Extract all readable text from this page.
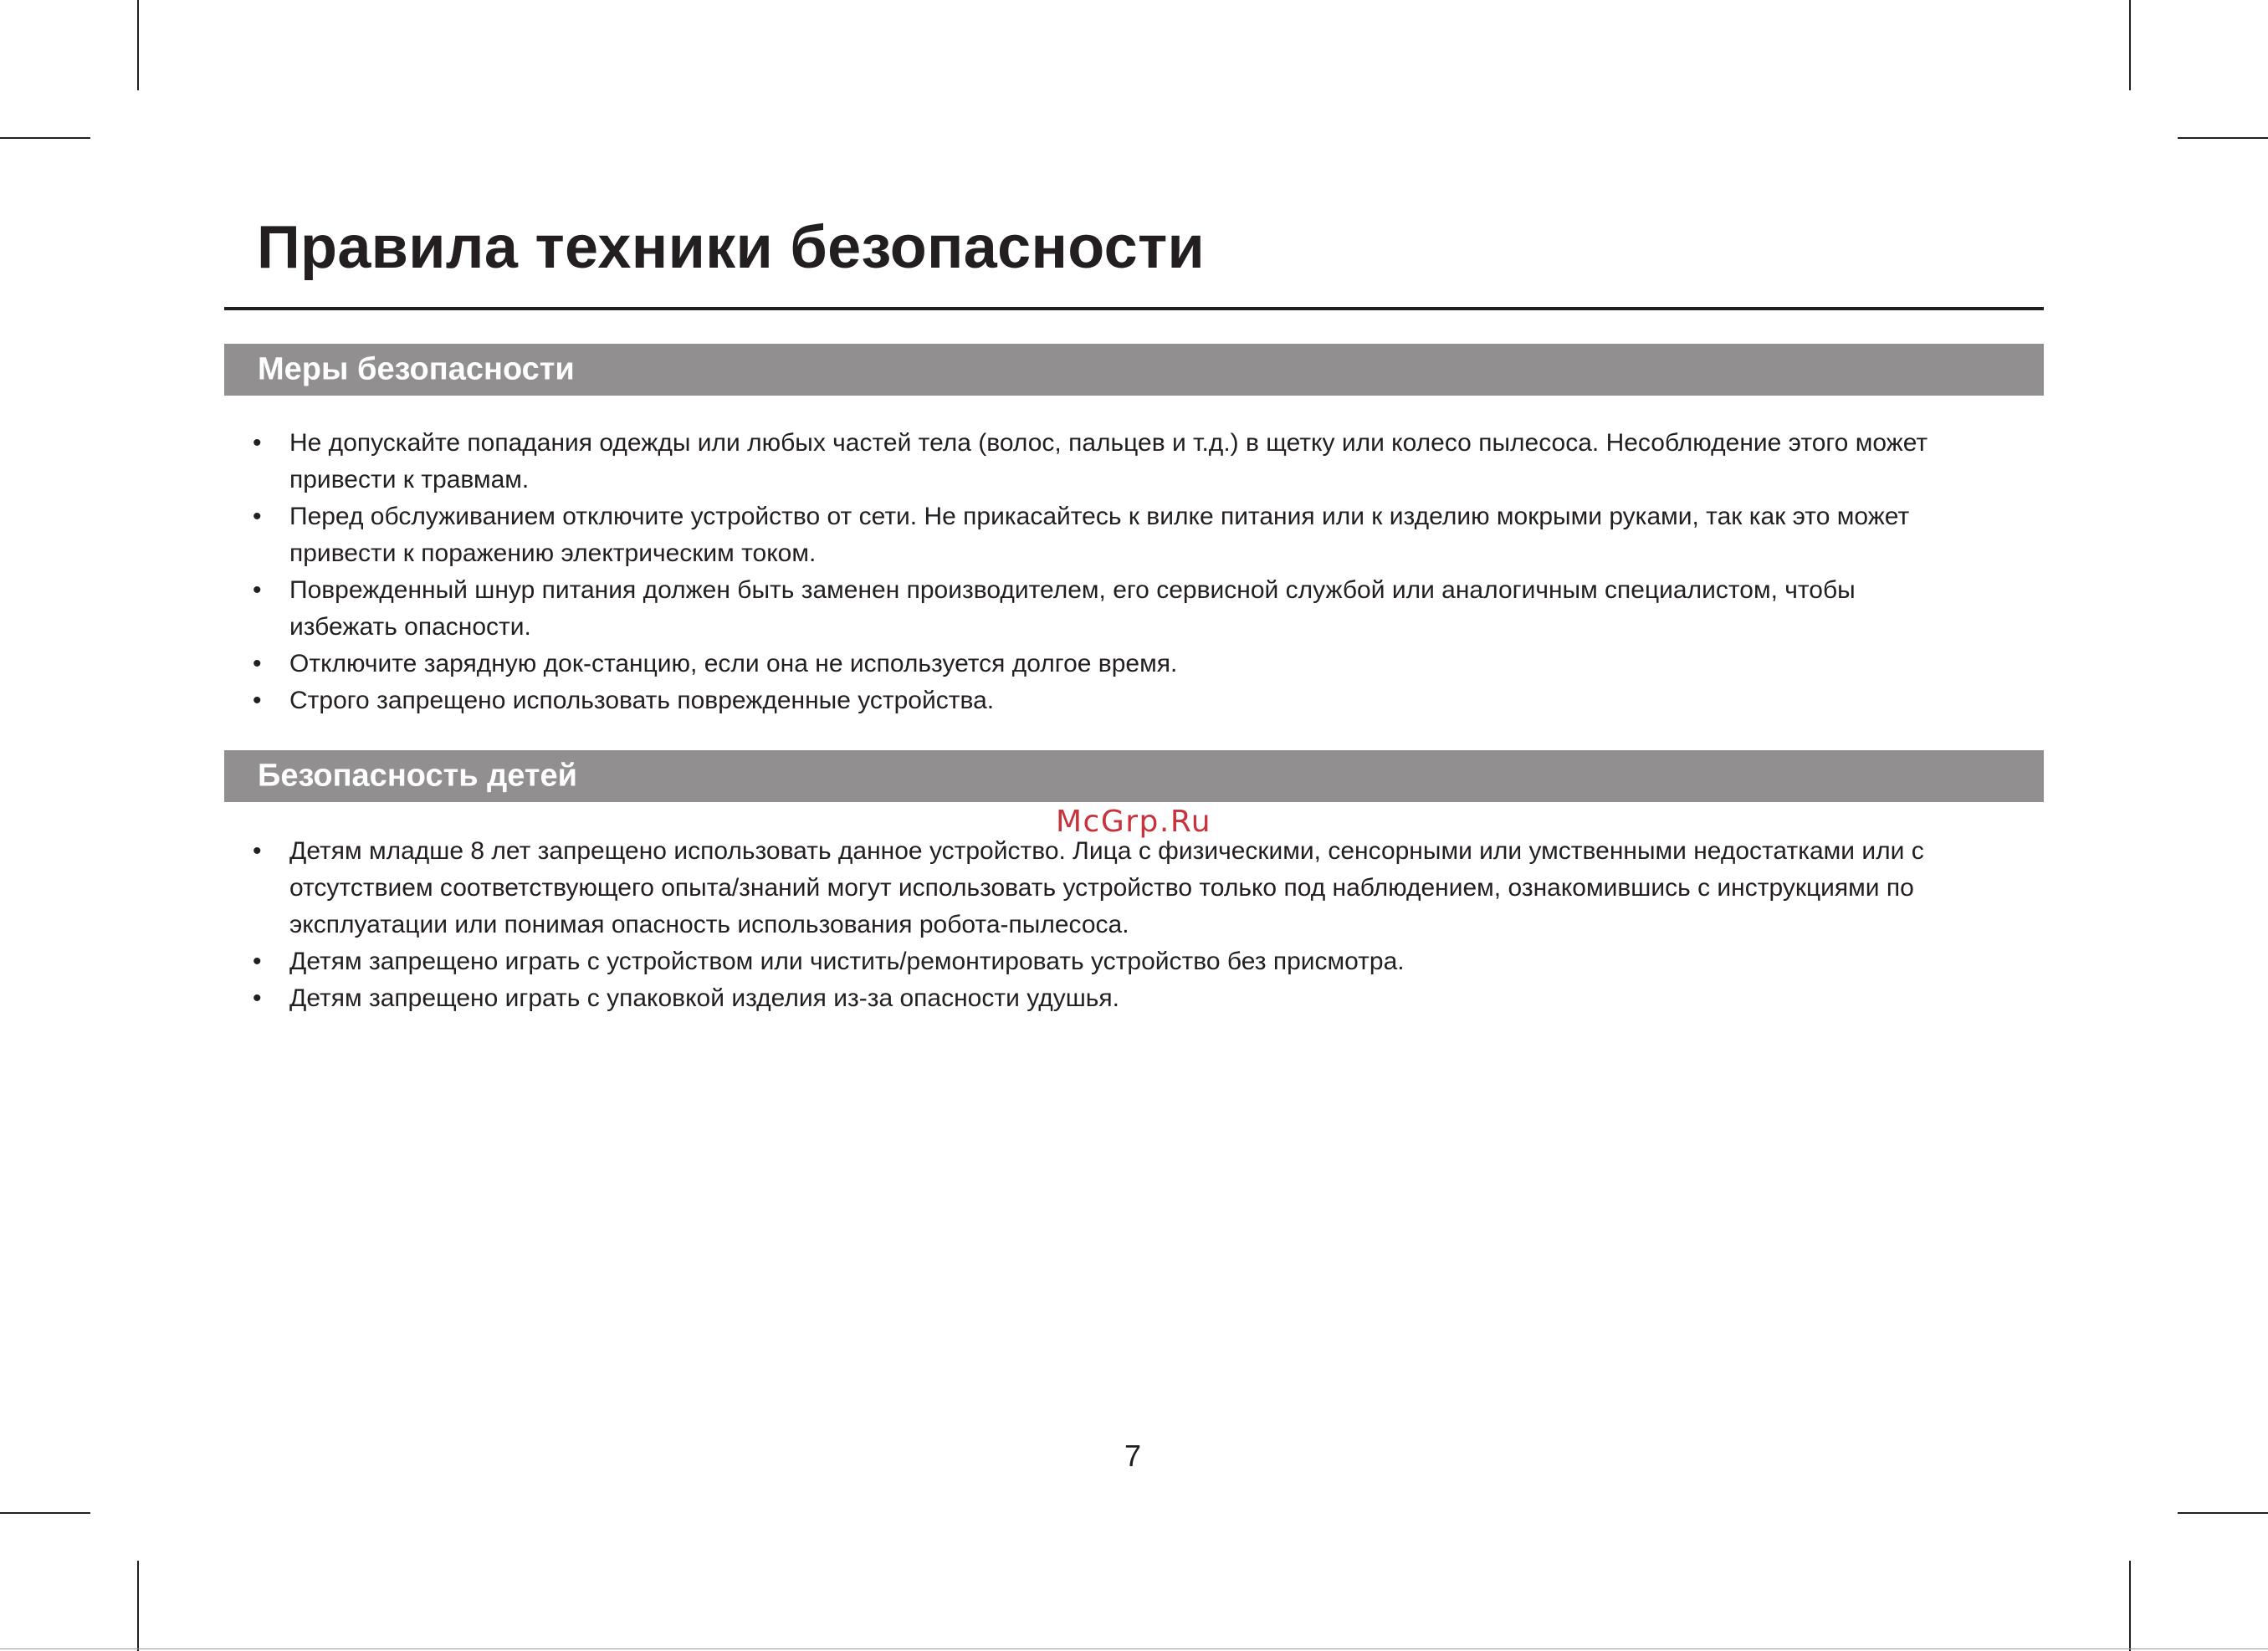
Правила техники безопасности
Меры безопасности
• Не допускайте попадания одежды или любых частей тела (волос, пальцев и т.д.) в щетку или колесо пылесоса. Несоблюдение этого может
привести к травмам.
• Перед обслуживанием отключите устройство от сети. Не прикасайтесь к вилке питания или к изделию мокрыми руками, так как это может
привести к поражению электрическим током.
• Поврежденный шнур питания должен быть заменен производителем, его сервисной службой или аналогичным специалистом, чтобы
избежать опасности.
• Отключите зарядную док-станцию, если она не используется долгое время.
• Строго запрещено использовать поврежденные устройства.
Безопасность детей
• Детям младше 8 лет запрещено использовать данное устройство. Лица с физическими, сенсорными или умственными недостатками или с
отсутствием соответствующего опыта/знаний могут использовать устройство только под наблюдением, ознакомившись с инструкциями по
эксплуатации или понимая опасность использования робота-пылесоса.
• Детям запрещено играть с устройством или чистить/ремонтировать устройство без присмотра.
• Детям запрещено играть с упаковкой изделия из-за опасности удушья.
McGrp.Ru
7
